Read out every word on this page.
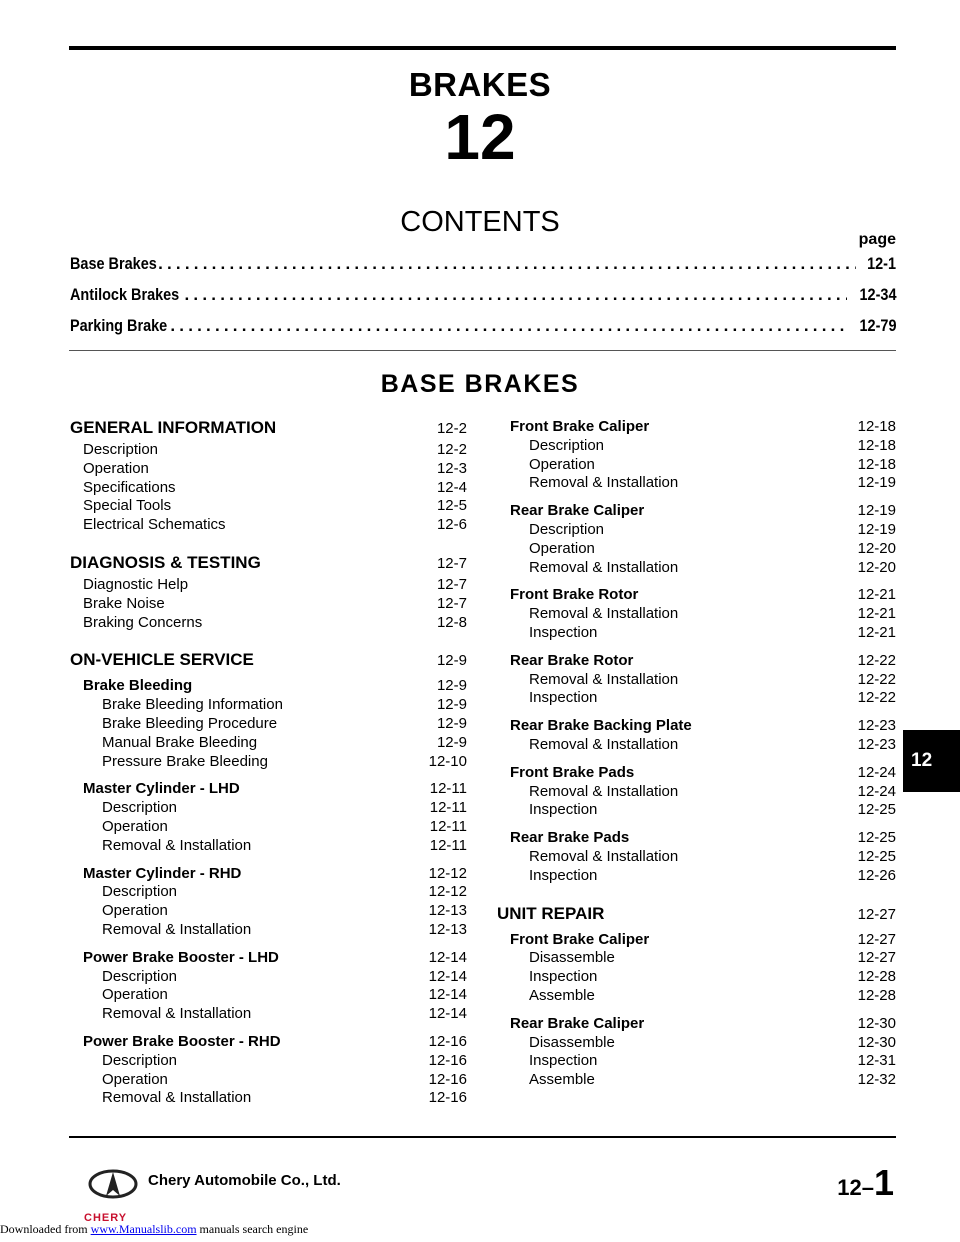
BRAKES
12
CONTENTS
page
Base Brakes .....	12-1
Antilock Brakes .....	12-34
Parking Brake .....	12-79
BASE BRAKES
GENERAL INFORMATION	12-2
Description	12-2
Operation	12-3
Specifications	12-4
Special Tools	12-5
Electrical Schematics	12-6
DIAGNOSIS & TESTING	12-7
Diagnostic Help	12-7
Brake Noise	12-7
Braking Concerns	12-8
ON-VEHICLE SERVICE	12-9
Brake Bleeding	12-9
Brake Bleeding Information	12-9
Brake Bleeding Procedure	12-9
Manual Brake Bleeding	12-9
Pressure Brake Bleeding	12-10
Master Cylinder - LHD	12-11
Description	12-11
Operation	12-11
Removal & Installation	12-11
Master Cylinder - RHD	12-12
Description	12-12
Operation	12-13
Removal & Installation	12-13
Power Brake Booster - LHD	12-14
Description	12-14
Operation	12-14
Removal & Installation	12-14
Power Brake Booster - RHD	12-16
Description	12-16
Operation	12-16
Removal & Installation	12-16
Front Brake Caliper	12-18
Description	12-18
Operation	12-18
Removal & Installation	12-19
Rear Brake Caliper	12-19
Description	12-19
Operation	12-20
Removal & Installation	12-20
Front Brake Rotor	12-21
Removal & Installation	12-21
Inspection	12-21
Rear Brake Rotor	12-22
Removal & Installation	12-22
Inspection	12-22
Rear Brake Backing Plate	12-23
Removal & Installation	12-23
Front Brake Pads	12-24
Removal & Installation	12-24
Inspection	12-25
Rear Brake Pads	12-25
Removal & Installation	12-25
Inspection	12-26
UNIT REPAIR	12-27
Front Brake Caliper	12-27
Disassemble	12-27
Inspection	12-28
Assemble	12-28
Rear Brake Caliper	12-30
Disassemble	12-30
Inspection	12-31
Assemble	12-32
12
CHERY
Chery Automobile Co., Ltd.	12–1
Downloaded from www.Manualslib.com manuals search engine
